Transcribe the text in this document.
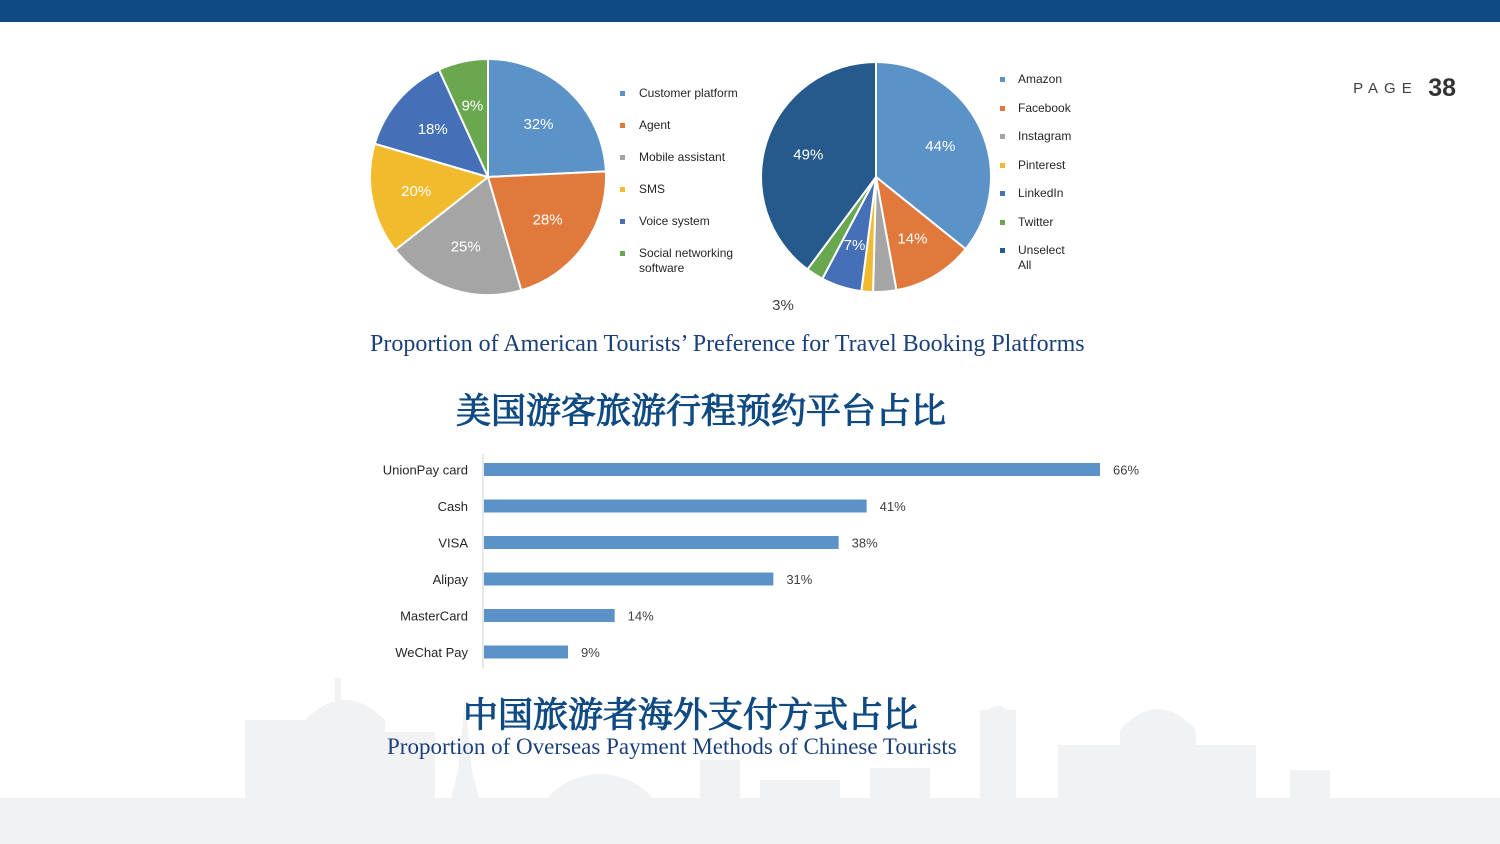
PAGE 38
32%
28%
25%
20%
18%
9%
Customer platform
Agent
Mobile assistant
SMS
Voice system
Social networking
software
44%
14%
7%
3%
49%
Amazon
Facebook
Instagram
Pinterest
LinkedIn
Twitter
Unselect
All
Proportion of American Tourists’ Preference for Travel Booking Platforms
美国游客旅游行程预约平台占比
UnionPay card	66%
Cash	41%
VISA	38%
Alipay	31%
MasterCard	14%
WeChat Pay	9%
中国旅游者海外支付方式占比
Proportion of Overseas Payment Methods of Chinese Tourists
